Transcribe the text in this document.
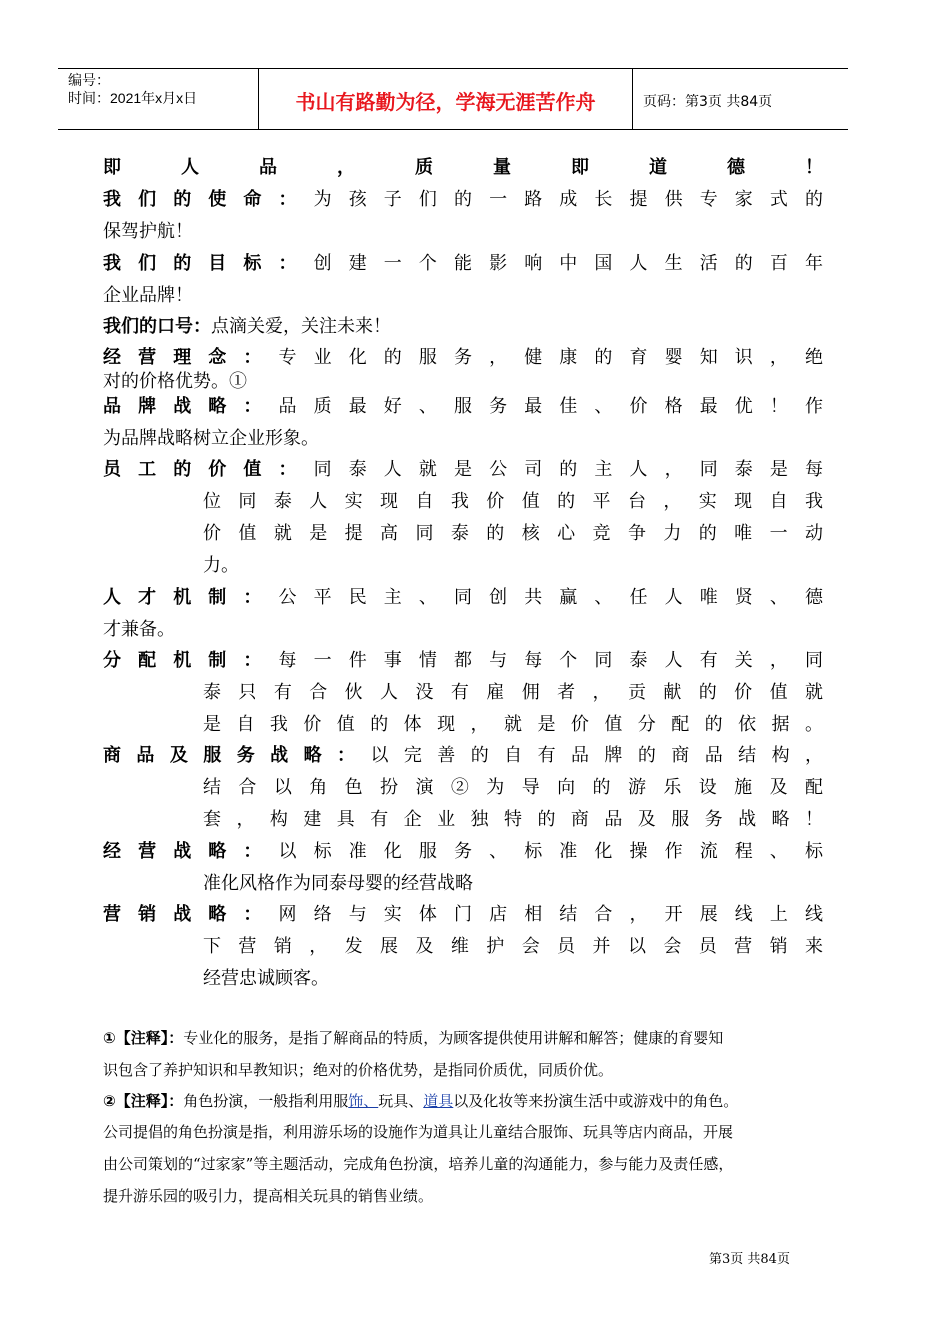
编号：
时间：2021年x月x日	书山有路勤为径，学海无涯苦作舟	页码：第3页 共84页
即人品，质量即道德！
我们的使命：为孩子们的一路成长提供专家式的
保驾护航！
我们的目标：创建一个能影响中国人生活的百年
企业品牌！
我们的口号：点滴关爱，关注未来！
经营理念：专业化的服务，健康的育婴知识，绝
对的价格优势。①
品牌战略：品质最好、服务最佳、价格最优！作
为品牌战略树立企业形象。
员工的价值：同泰人就是公司的主人，同泰是每
位同泰人实现自我价值的平台，实现自我
价值就是提高同泰的核心竞争力的唯一动
力。
人才机制：公平民主、同创共赢、任人唯贤、德
才兼备。
分配机制：每一件事情都与每个同泰人有关，同
泰只有合伙人没有雇佣者，贡献的价值就
是自我价值的体现，就是价值分配的依据。
商品及服务战略：以完善的自有品牌的商品结构，
结合以角色扮演②为导向的游乐设施及配
套，构建具有企业独特的商品及服务战略！
经营战略：以标准化服务、标准化操作流程、标
准化风格作为同泰母婴的经营战略
营销战略：网络与实体门店相结合，开展线上线
下营销，发展及维护会员并以会员营销来
经营忠诚顾客。
①【注释】：专业化的服务，是指了解商品的特质，为顾客提供使用讲解和解答；健康的育婴知
识包含了养护知识和早教知识；绝对的价格优势，是指同价质优，同质价优。
②【注释】：角色扮演，一般指利用服饰、玩具、道具以及化妆等来扮演生活中或游戏中的角色。
公司提倡的角色扮演是指，利用游乐场的设施作为道具让儿童结合服饰、玩具等店内商品，开展
由公司策划的“过家家”等主题活动，完成角色扮演，培养儿童的沟通能力，参与能力及责任感，
提升游乐园的吸引力，提高相关玩具的销售业绩。
第3页 共84页
